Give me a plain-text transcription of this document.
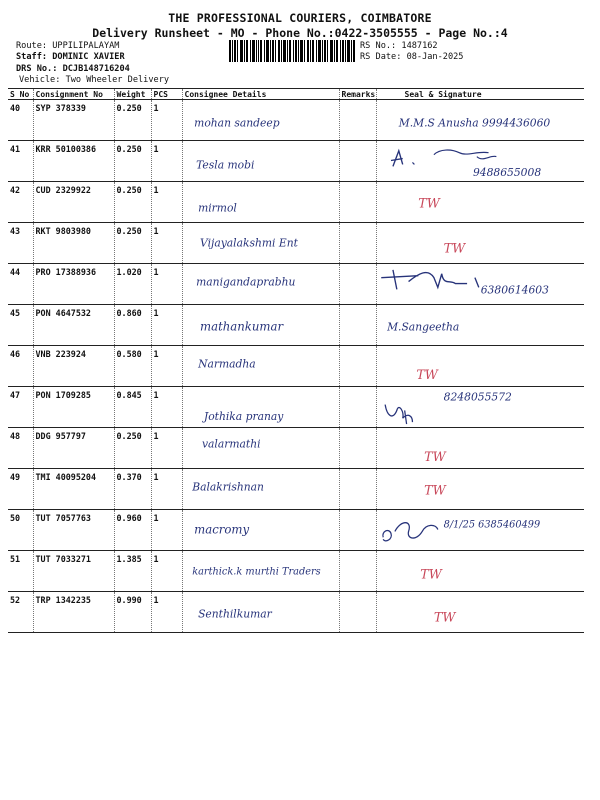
THE PROFESSIONAL COURIERS, COIMBATORE
Delivery Runsheet - MO - Phone No.:0422-3505555 - Page No.:4
Route: UPPILIPALAYAM
Staff: DOMINIC XAVIER
DRS No.: DCJB148716204
Vehicle: Two Wheeler Delivery
RS No.: 1487162
RS Date: 08-Jan-2025
S No	Consignment No	Weight	PCS	Consignee Details	Remarks	Seal & Signature
40	SYP 378339	0.250	1	mohan sandeep		M.M.S Anusha 9994436060

41	KRR 50100386	0.250	1	Tesla mobi		9488655008

42	CUD 2329922	0.250	1	mirmol		TW

43	RKT 9803980	0.250	1	Vijayalakshmi Ent		TW

44	PRO 17388936	1.020	1	manigandaprabhu		6380614603

45	PON 4647532	0.860	1	mathankumar		M.Sangeetha

46	VNB 223924	0.580	1	Narmadha		TW

47	PON 1709285	0.845	1	Jothika pranay		8248055572

48	DDG 957797	0.250	1	valarmathi		TW

49	TMI 40095204	0.370	1	Balakrishnan		TW

50	TUT 7057763	0.960	1	macromy		8/1/25 6385460499

51	TUT 7033271	1.385	1	karthick.k murthi Traders		TW

52	TRP 1342235	0.990	1	Senthilkumar		TW
